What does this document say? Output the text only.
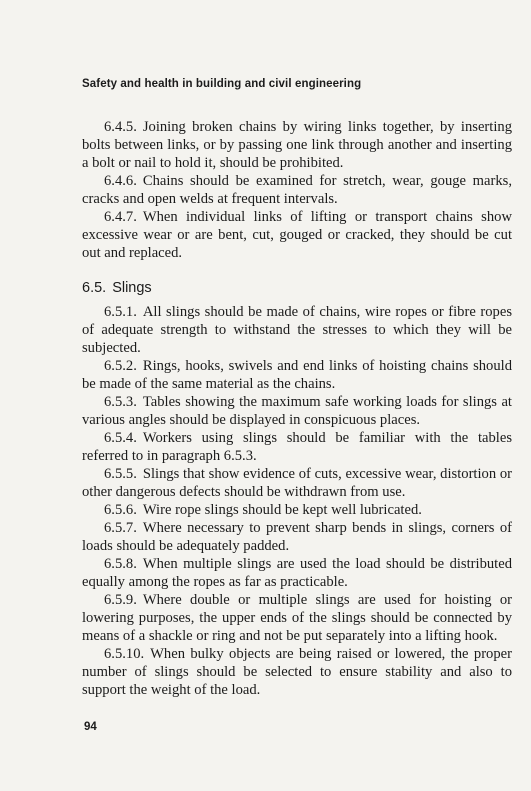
Safety and health in building and civil engineering

6.4.5. Joining broken chains by wiring links together, by inserting bolts between links, or by passing one link through another and inserting a bolt or nail to hold it, should be prohibited.

6.4.6. Chains should be examined for stretch, wear, gouge marks, cracks and open welds at frequent intervals.

6.4.7. When individual links of lifting or transport chains show excessive wear or are bent, cut, gouged or cracked, they should be cut out and replaced.

6.5. Slings

6.5.1. All slings should be made of chains, wire ropes or fibre ropes of adequate strength to withstand the stresses to which they will be subjected.

6.5.2. Rings, hooks, swivels and end links of hoisting chains should be made of the same material as the chains.

6.5.3. Tables showing the maximum safe working loads for slings at various angles should be displayed in conspicuous places.

6.5.4. Workers using slings should be familiar with the tables referred to in paragraph 6.5.3.

6.5.5. Slings that show evidence of cuts, excessive wear, distortion or other dangerous defects should be withdrawn from use.

6.5.6. Wire rope slings should be kept well lubricated.

6.5.7. Where necessary to prevent sharp bends in slings, corners of loads should be adequately padded.

6.5.8. When multiple slings are used the load should be distributed equally among the ropes as far as practicable.

6.5.9. Where double or multiple slings are used for hoisting or lowering purposes, the upper ends of the slings should be connected by means of a shackle or ring and not be put separately into a lifting hook.

6.5.10. When bulky objects are being raised or lowered, the proper number of slings should be selected to ensure stability and also to support the weight of the load.

94
